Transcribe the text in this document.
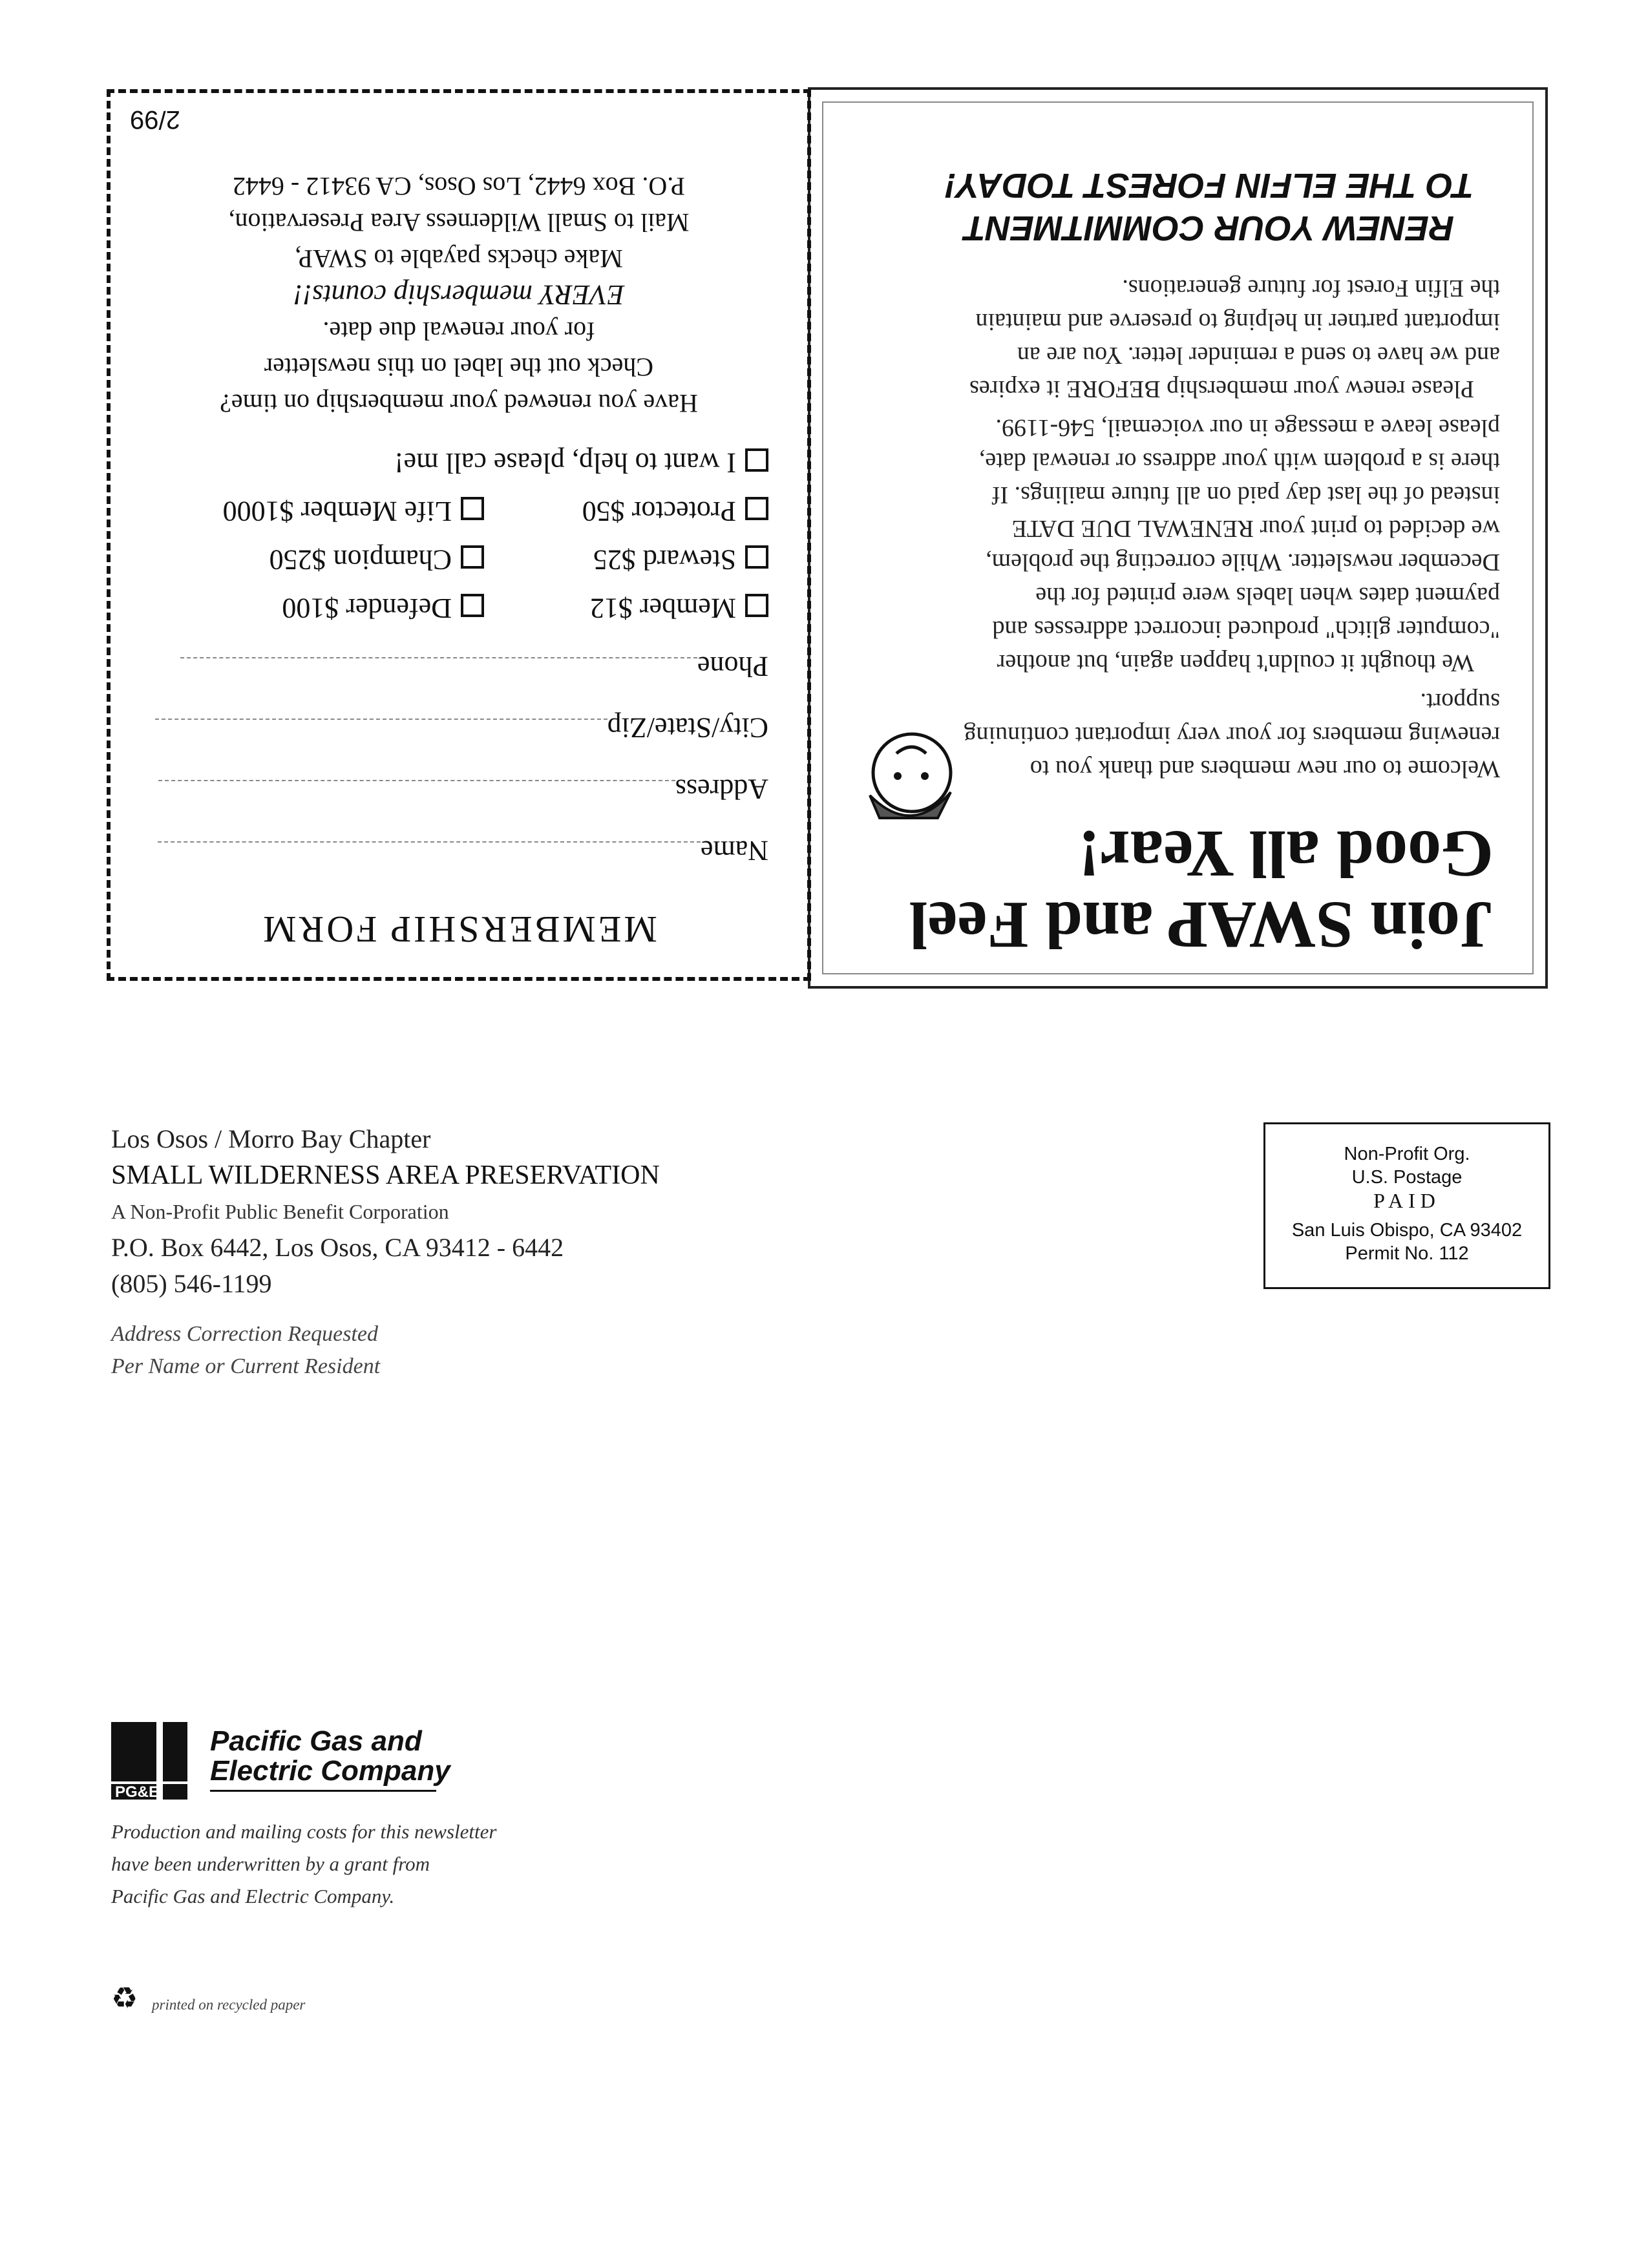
Join SWAP and Feel
Good all Year!

Welcome to our new members and thank you to renewing members for your very important continuing support.

We thought it couldn't happen again, but another "computer glitch" produced incorrect addresses and payment dates when labels were printed for the December newsletter. While correcting the problem, we decided to print your RENEWAL DUE DATE instead of the last day paid on all future mailings. If there is a problem with your address or renewal date, please leave a message in our voicemail, 546-1199.

Please renew your membership BEFORE it expires and we have to send a reminder letter. You are an important partner in helping to preserve and maintain the Elfin Forest for future generations.

RENEW YOUR COMMITMENT
TO THE ELFIN FOREST TODAY!
MEMBERSHIP FORM
Name
Address
City/State/Zip
Phone
Member $12
Defender $100
Steward $25
Champion $250
Protector $50
Life Member $1000
I want to help, please call me!
Have you renewed your membership on time?
Check out the label on this newsletter
for your renewal due date.
EVERY membership counts!!
Make checks payable to SWAP,
Mail to Small Wilderness Area Preservation,
P.O. Box 6442, Los Osos, CA 93412 - 6442
2/99
Los Osos / Morro Bay Chapter
SMALL WILDERNESS AREA PRESERVATION
A Non-Profit Public Benefit Corporation
P.O. Box 6442, Los Osos, CA 93412 - 6442
(805) 546-1199
Address Correction Requested
Per Name or Current Resident
Non-Profit Org.
U.S. Postage
PAID
San Luis Obispo, CA 93402
Permit No. 112
PG&E
Pacific Gas and
Electric Company
Production and mailing costs for this newsletter
have been underwritten by a grant from
Pacific Gas and Electric Company.
♻ printed on recycled paper
